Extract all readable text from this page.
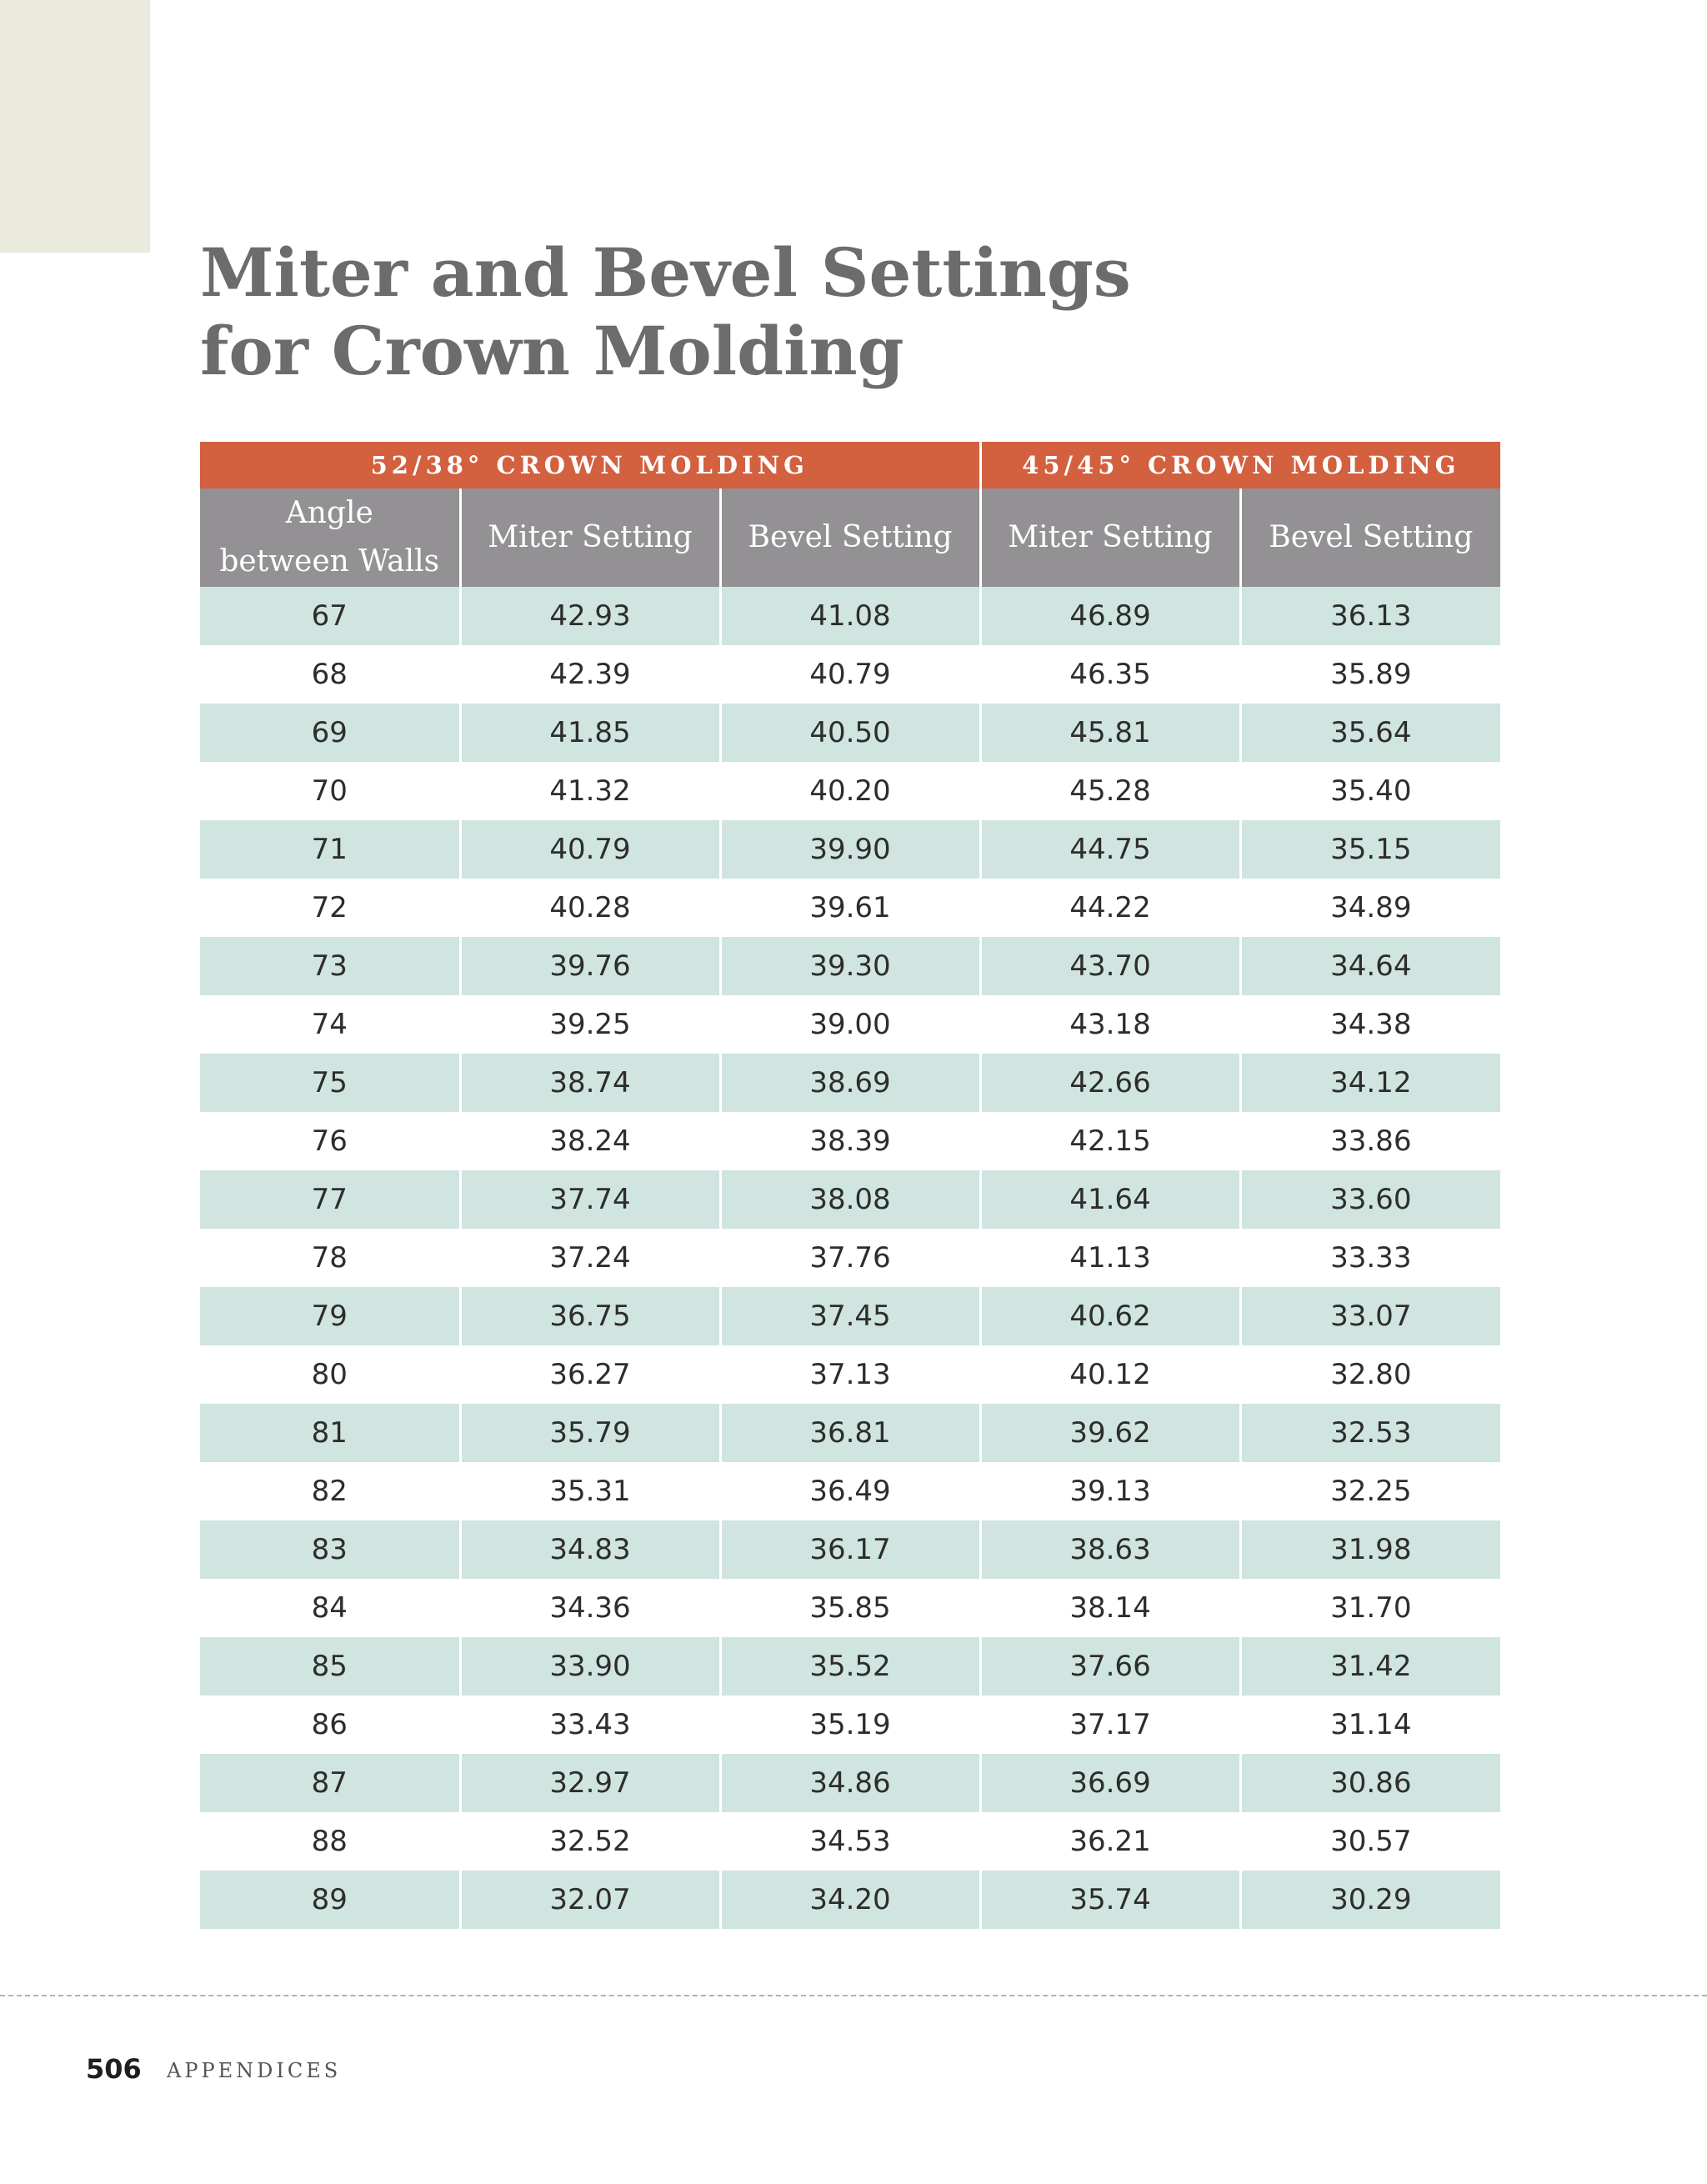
Miter and Bevel Settings
for Crown Molding
52/38° CROWN MOLDING			45/45° CROWN MOLDING	
Angle
between Walls	Miter Setting	Bevel Setting	Miter Setting	Bevel Setting
67	42.93	41.08	46.89	36.13
68	42.39	40.79	46.35	35.89
69	41.85	40.50	45.81	35.64
70	41.32	40.20	45.28	35.40
71	40.79	39.90	44.75	35.15
72	40.28	39.61	44.22	34.89
73	39.76	39.30	43.70	34.64
74	39.25	39.00	43.18	34.38
75	38.74	38.69	42.66	34.12
76	38.24	38.39	42.15	33.86
77	37.74	38.08	41.64	33.60
78	37.24	37.76	41.13	33.33
79	36.75	37.45	40.62	33.07
80	36.27	37.13	40.12	32.80
81	35.79	36.81	39.62	32.53
82	35.31	36.49	39.13	32.25
83	34.83	36.17	38.63	31.98
84	34.36	35.85	38.14	31.70
85	33.90	35.52	37.66	31.42
86	33.43	35.19	37.17	31.14
87	32.97	34.86	36.69	30.86
88	32.52	34.53	36.21	30.57
89	32.07	34.20	35.74	30.29
506 APPENDICES
